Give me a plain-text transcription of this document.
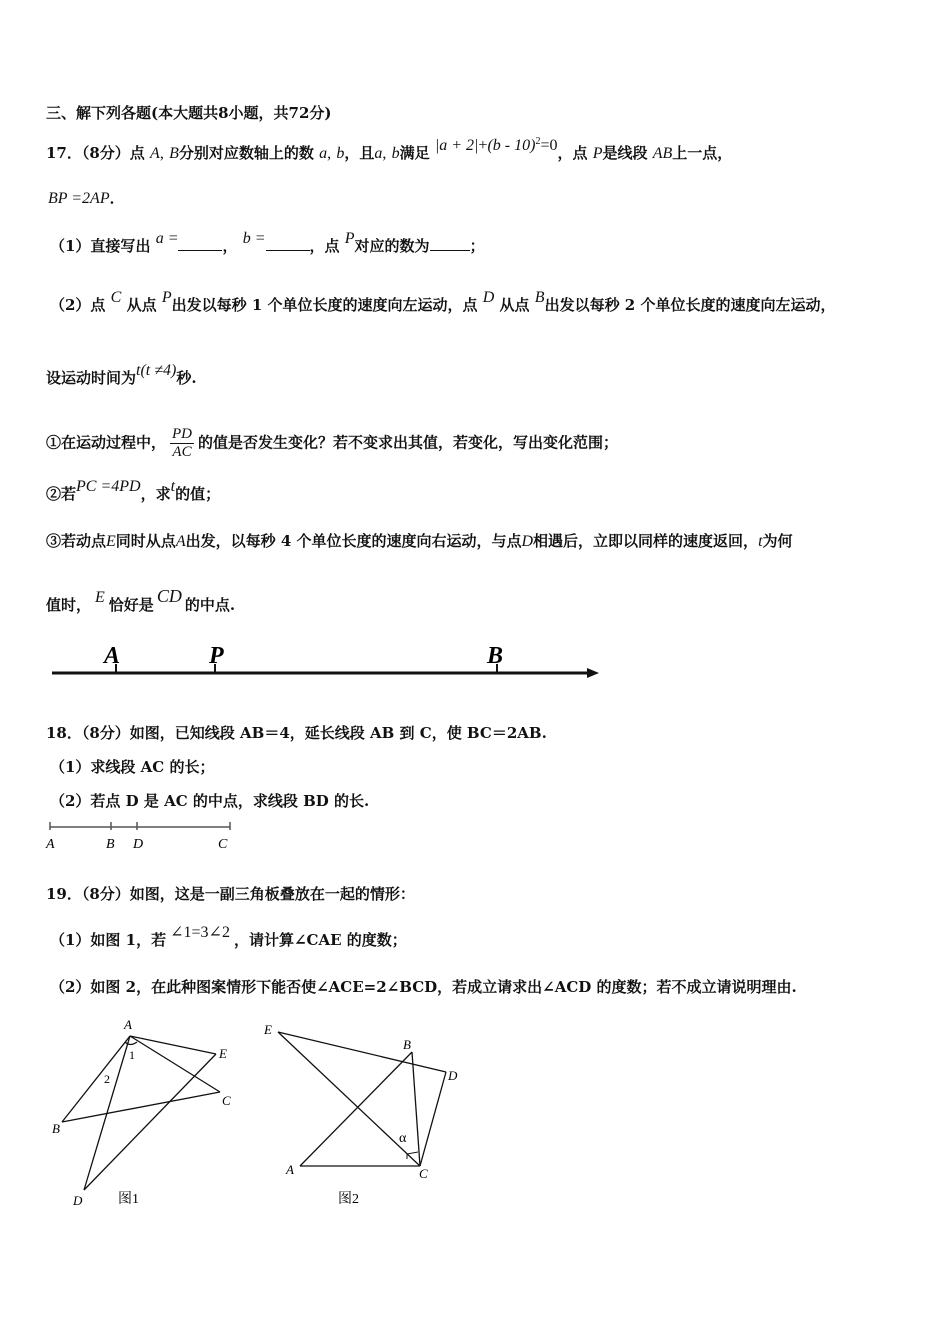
三、解下列各题(本大题共8小题，共72分)
17．（8分）点 A, B分别对应数轴上的数 a, b，且a, b满足 |a + 2|+(b - 10)$^2$=0，点 P是线段 AB上一点，
BP =2AP．
（1）直接写出 a =	， b =	，点 P对应的数为	；
（2）点 C 从点 P出发以每秒 1 个单位长度的速度向左运动，点 D 从点 B出发以每秒 2 个单位长度的速度向左运动，
设运动时间为t(t ≠4)秒.
①在运动过程中， $\frac{PD}{AC}$ 的值是否发生变化？若不变求出其值，若变化，写出变化范围；
②若PC =4PD，求t的值；
③若动点E同时从点A出发，以每秒 4 个单位长度的速度向右运动，与点D相遇后，立即以同样的速度返回，t为何
值时， E 恰好是 CD 的中点.
A	P	B
18．（8分）如图，已知线段 AB＝4，延长线段 AB 到 C，使 BC＝2AB.
（1）求线段 AC 的长；
（2）若点 D 是 AC 的中点，求线段 BD 的长.
A	B D	C
19．（8分）如图，这是一副三角板叠放在一起的情形：
（1）如图 1，若 ∠1=3∠2 ，请计算∠CAE 的度数；
（2）如图 2，在此种图案情形下能否使∠ACE=2∠BCD，若成立请求出∠ACD 的度数；若不成立请说明理由.
A
E
C
B
D
1
2
图1
E
B
D
A	C
α
图2
